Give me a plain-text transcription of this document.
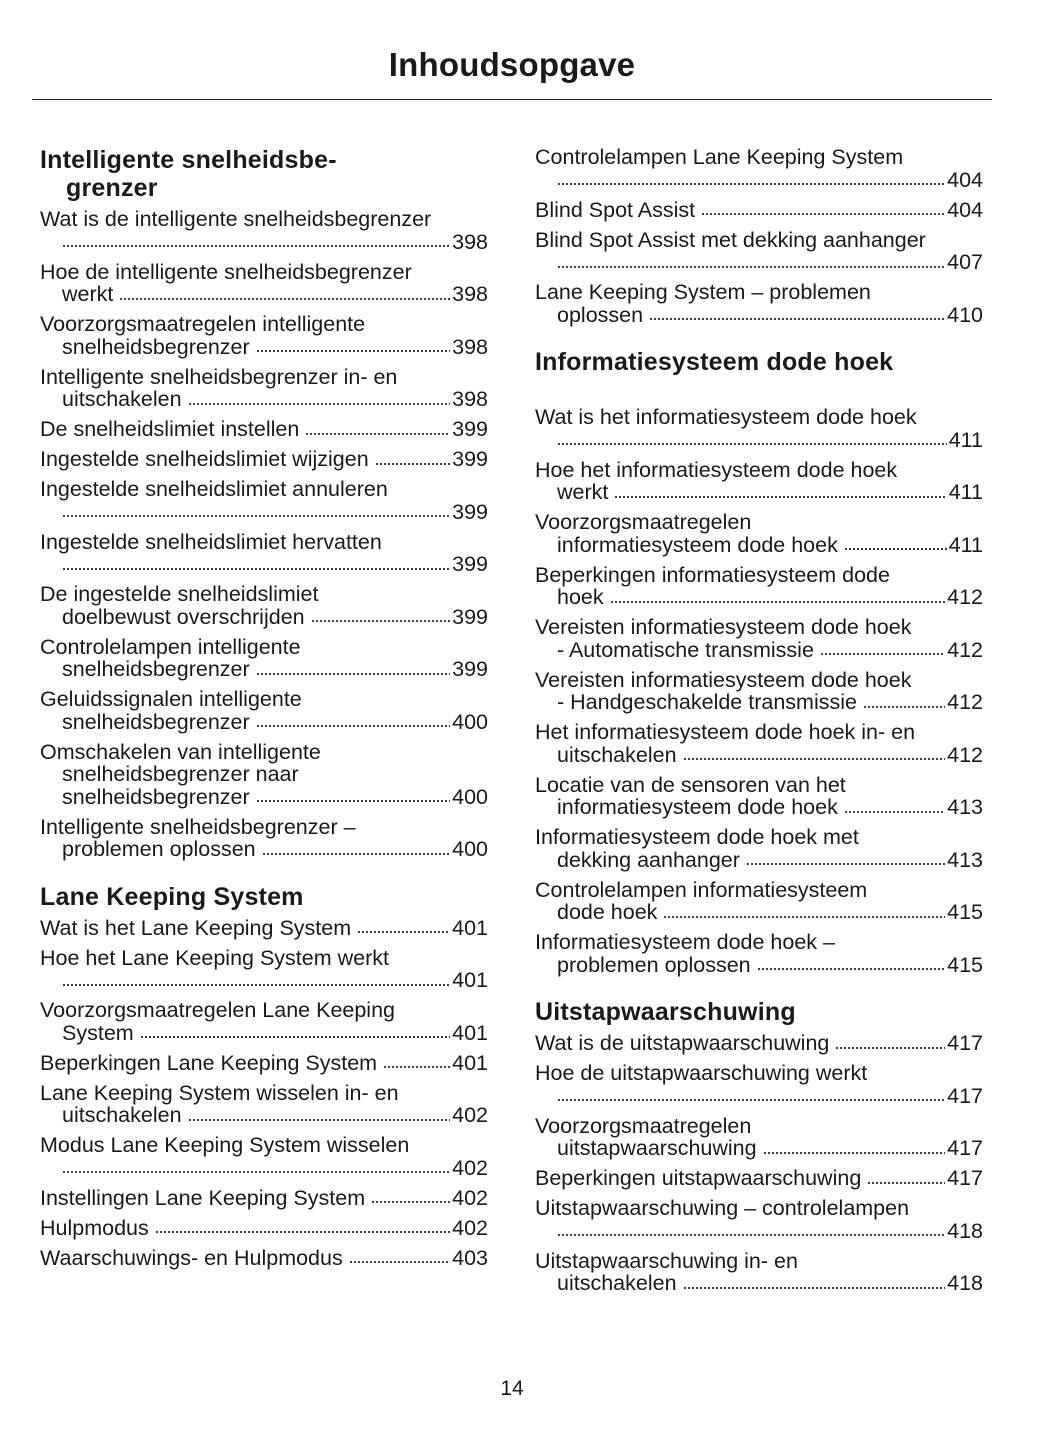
Inhoudsopgave
Intelligente snelheidsbe-
grenzer
Wat is de intelligente snelheidsbegrenzer
398
Hoe de intelligente snelheidsbegrenzer
werkt	398
Voorzorgsmaatregelen intelligente
snelheidsbegrenzer	398
Intelligente snelheidsbegrenzer in- en
uitschakelen	398
De snelheidslimiet instellen	399
Ingestelde snelheidslimiet wijzigen	399
Ingestelde snelheidslimiet annuleren
399
Ingestelde snelheidslimiet hervatten
399
De ingestelde snelheidslimiet
doelbewust overschrijden	399
Controlelampen intelligente
snelheidsbegrenzer	399
Geluidssignalen intelligente
snelheidsbegrenzer	400
Omschakelen van intelligente
snelheidsbegrenzer naar
snelheidsbegrenzer	400
Intelligente snelheidsbegrenzer –
problemen oplossen	400
Lane Keeping System
Wat is het Lane Keeping System	401
Hoe het Lane Keeping System werkt
401
Voorzorgsmaatregelen Lane Keeping
System	401
Beperkingen Lane Keeping System	401
Lane Keeping System wisselen in- en
uitschakelen	402
Modus Lane Keeping System wisselen
402
Instellingen Lane Keeping System	402
Hulpmodus	402
Waarschuwings- en Hulpmodus	403
Controlelampen Lane Keeping System
404
Blind Spot Assist	404
Blind Spot Assist met dekking aanhanger
407
Lane Keeping System – problemen
oplossen	410
Informatiesysteem dode hoek
Wat is het informatiesysteem dode hoek
411
Hoe het informatiesysteem dode hoek
werkt	411
Voorzorgsmaatregelen
informatiesysteem dode hoek	411
Beperkingen informatiesysteem dode
hoek	412
Vereisten informatiesysteem dode hoek
- Automatische transmissie	412
Vereisten informatiesysteem dode hoek
- Handgeschakelde transmissie	412
Het informatiesysteem dode hoek in- en
uitschakelen	412
Locatie van de sensoren van het
informatiesysteem dode hoek	413
Informatiesysteem dode hoek met
dekking aanhanger	413
Controlelampen informatiesysteem
dode hoek	415
Informatiesysteem dode hoek –
problemen oplossen	415
Uitstapwaarschuwing
Wat is de uitstapwaarschuwing	417
Hoe de uitstapwaarschuwing werkt
417
Voorzorgsmaatregelen
uitstapwaarschuwing	417
Beperkingen uitstapwaarschuwing	417
Uitstapwaarschuwing – controlelampen
418
Uitstapwaarschuwing in- en
uitschakelen	418
14
